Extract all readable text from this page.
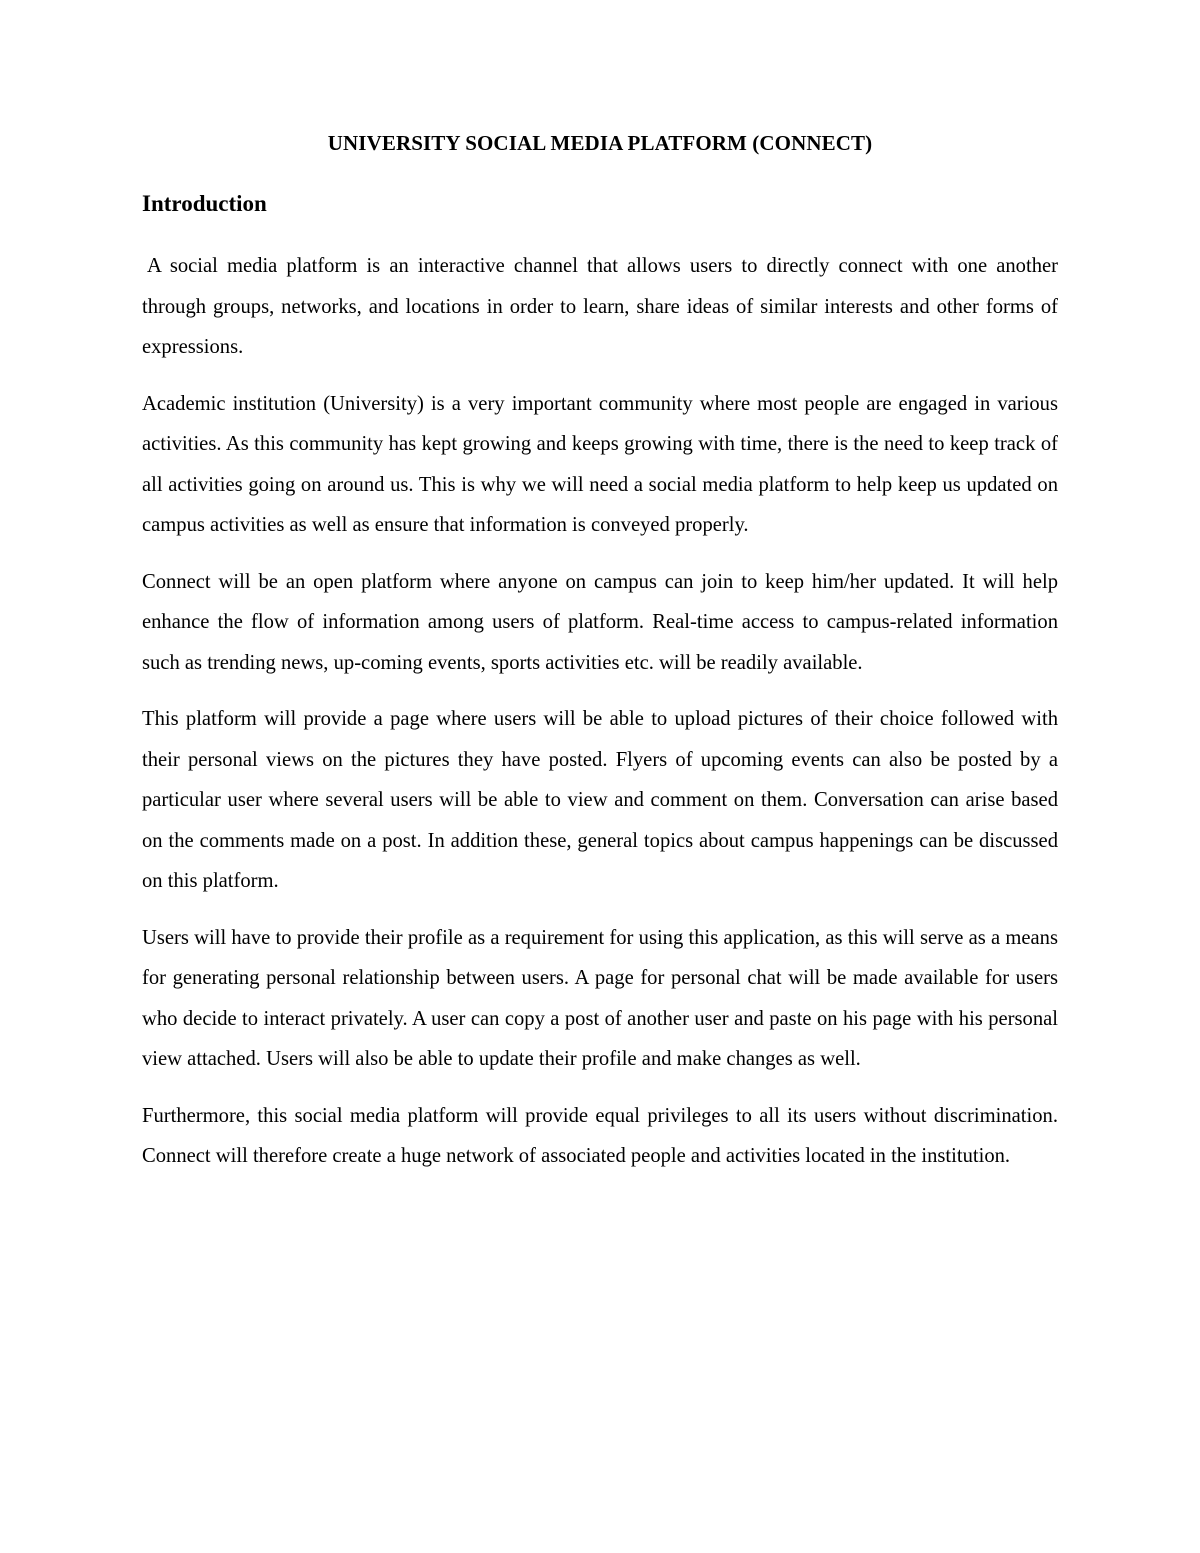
UNIVERSITY SOCIAL MEDIA PLATFORM (CONNECT)
Introduction

A social media platform is an interactive channel that allows users to directly connect with one another through groups, networks, and locations in order to learn, share ideas of similar interests and other forms of expressions.

Academic institution (University) is a very important community where most people are engaged in various activities. As this community has kept growing and keeps growing with time, there is the need to keep track of all activities going on around us. This is why we will need a social media platform to help keep us updated on campus activities as well as ensure that information is conveyed properly.

Connect will be an open platform where anyone on campus can join to keep him/her updated. It will help enhance the flow of information among users of platform. Real-time access to campus-related information such as trending news, up-coming events, sports activities etc. will be readily available.

This platform will provide a page where users will be able to upload pictures of their choice followed with their personal views on the pictures they have posted. Flyers of upcoming events can also be posted by a particular user where several users will be able to view and comment on them. Conversation can arise based on the comments made on a post. In addition these, general topics about campus happenings can be discussed on this platform.

Users will have to provide their profile as a requirement for using this application, as this will serve as a means for generating personal relationship between users. A page for personal chat will be made available for users who decide to interact privately. A user can copy a post of another user and paste on his page with his personal view attached. Users will also be able to update their profile and make changes as well.

Furthermore, this social media platform will provide equal privileges to all its users without discrimination. Connect will therefore create a huge network of associated people and activities located in the institution.
